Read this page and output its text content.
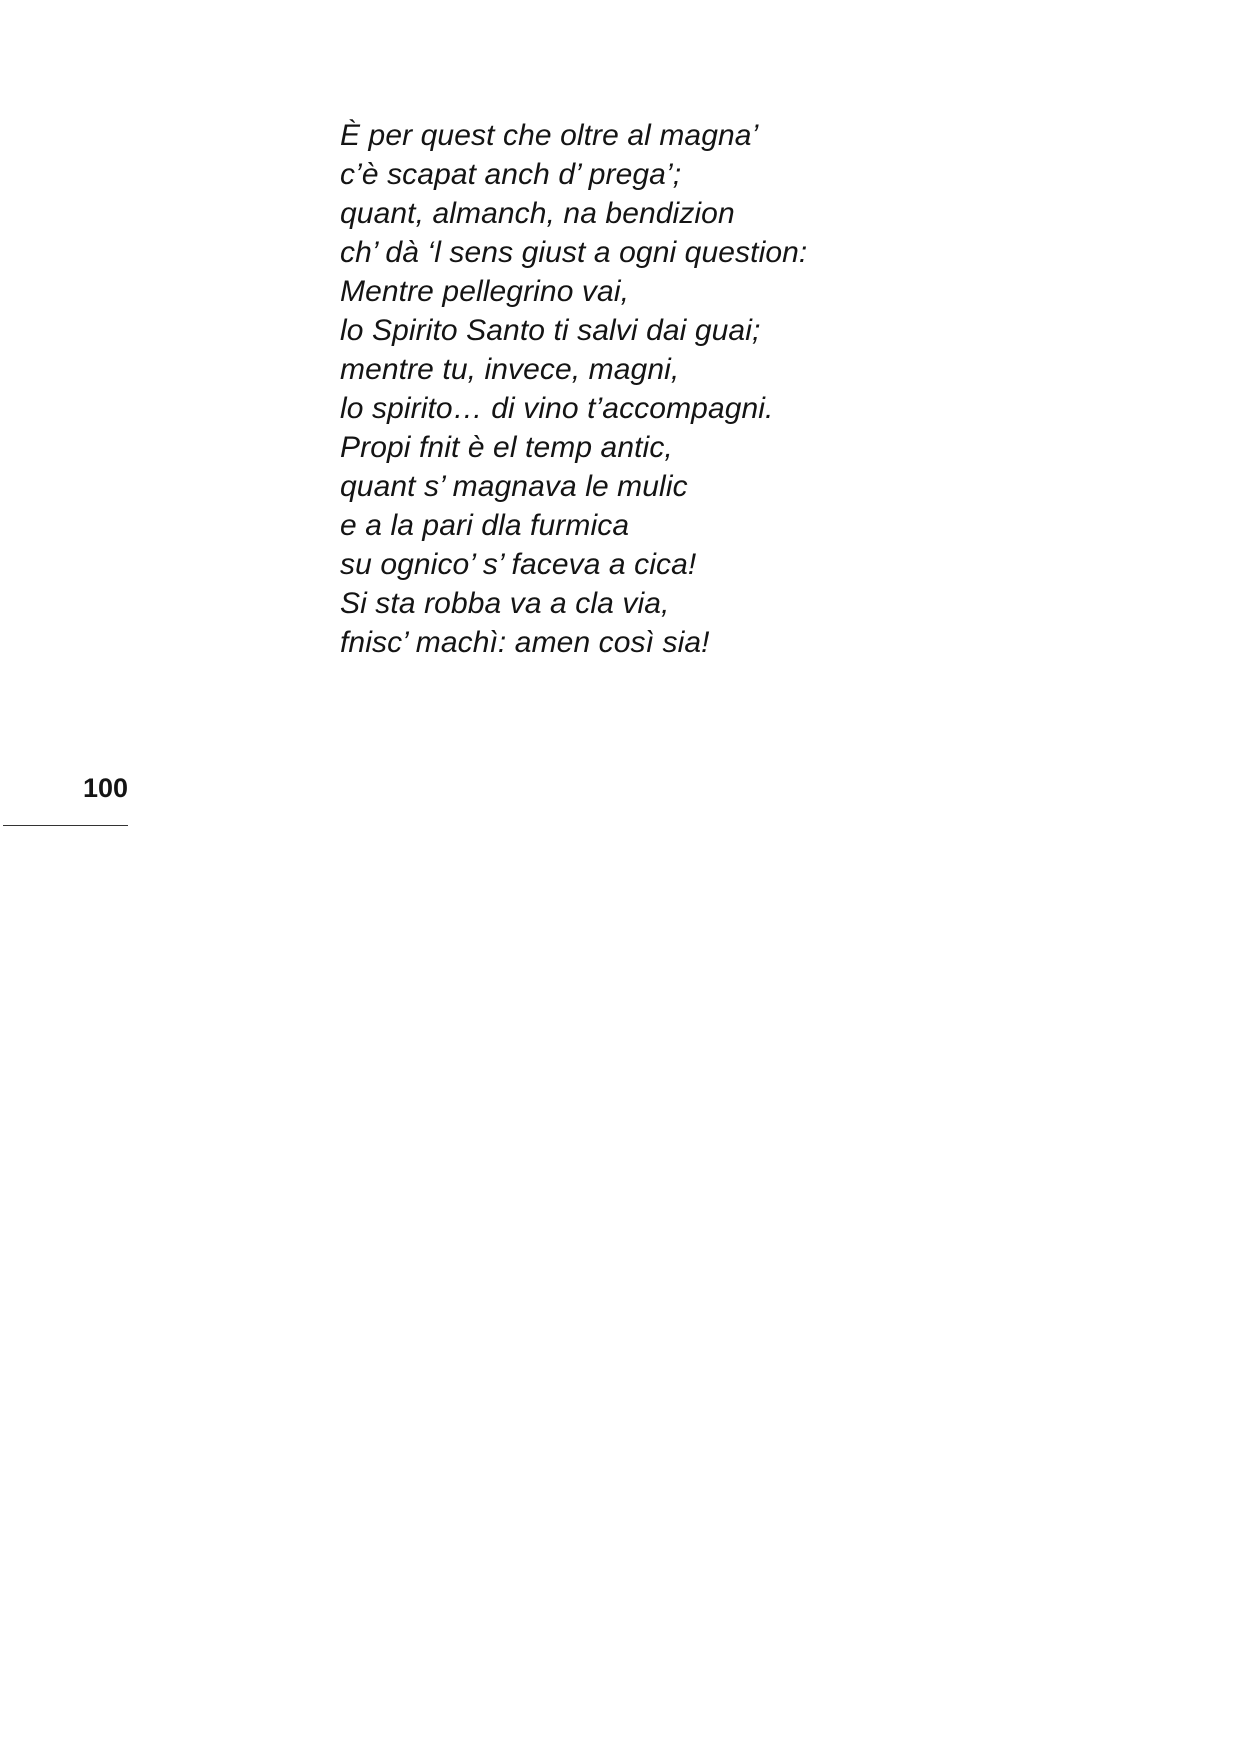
È per quest che oltre al magna’
c’è scapat anch d’ prega’;
quant, almanch, na bendizion
ch’ dà ‘l sens giust a ogni question:
Mentre pellegrino vai,
lo Spirito Santo ti salvi dai guai;
mentre tu, invece, magni,
lo spirito… di vino t’accompagni.
Propi fnit è el temp antic,
quant s’ magnava le mulic
e a la pari dla furmica
su ognico’ s’ faceva a cica!
Si sta robba va a cla via,
fnisc’ machì: amen così sia!
100
